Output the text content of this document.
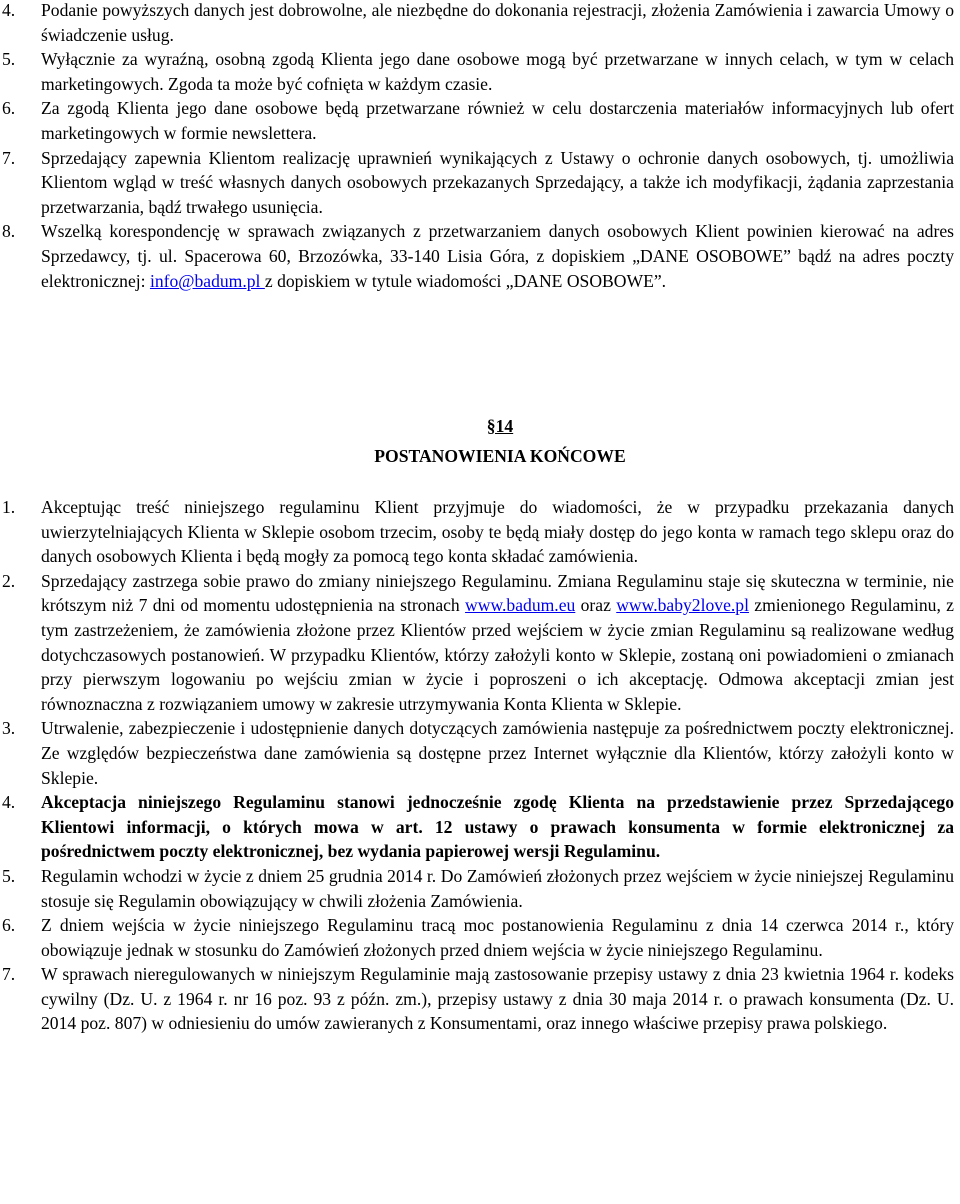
4. Podanie powyższych danych jest dobrowolne, ale niezbędne do dokonania rejestracji, złożenia Zamówienia i zawarcia Umowy o świadczenie usług.
5. Wyłącznie za wyraźną, osobną zgodą Klienta jego dane osobowe mogą być przetwarzane w innych celach, w tym w celach marketingowych. Zgoda ta może być cofnięta w każdym czasie.
6. Za zgodą Klienta jego dane osobowe będą przetwarzane również w celu dostarczenia materiałów informacyjnych lub ofert marketingowych w formie newslettera.
7. Sprzedający zapewnia Klientom realizację uprawnień wynikających z Ustawy o ochronie danych osobowych, tj. umożliwia Klientom wgląd w treść własnych danych osobowych przekazanych Sprzedający, a także ich modyfikacji, żądania zaprzestania przetwarzania, bądź trwałego usunięcia.
8. Wszelką korespondencję w sprawach związanych z przetwarzaniem danych osobowych Klient powinien kierować na adres Sprzedawcy, tj. ul. Spacerowa 60, Brzozówka, 33-140 Lisia Góra, z dopiskiem „DANE OSOBOWE” bądź na adres poczty elektronicznej: info@badum.pl z dopiskiem w tytule wiadomości „DANE OSOBOWE”.
§14
POSTANOWIENIA KOŃCOWE
1. Akceptując treść niniejszego regulaminu Klient przyjmuje do wiadomości, że w przypadku przekazania danych uwierzytelniających Klienta w Sklepie osobom trzecim, osoby te będą miały dostęp do jego konta w ramach tego sklepu oraz do danych osobowych Klienta i będą mogły za pomocą tego konta składać zamówienia.
2. Sprzedający zastrzega sobie prawo do zmiany niniejszego Regulaminu. Zmiana Regulaminu staje się skuteczna w terminie, nie krótszym niż 7 dni od momentu udostępnienia na stronach www.badum.eu oraz www.baby2love.pl zmienionego Regulaminu, z tym zastrzeżeniem, że zamówienia złożone przez Klientów przed wejściem w życie zmian Regulaminu są realizowane według dotychczasowych postanowień. W przypadku Klientów, którzy założyli konto w Sklepie, zostaną oni powiadomieni o zmianach przy pierwszym logowaniu po wejściu zmian w życie i poproszeni o ich akceptację. Odmowa akceptacji zmian jest równoznaczna z rozwiązaniem umowy w zakresie utrzymywania Konta Klienta w Sklepie.
3. Utrwalenie, zabezpieczenie i udostępnienie danych dotyczących zamówienia następuje za pośrednictwem poczty elektronicznej. Ze względów bezpieczeństwa dane zamówienia są dostępne przez Internet wyłącznie dla Klientów, którzy założyli konto w Sklepie.
4. Akceptacja niniejszego Regulaminu stanowi jednocześnie zgodę Klienta na przedstawienie przez Sprzedającego Klientowi informacji, o których mowa w art. 12 ustawy o prawach konsumenta w formie elektronicznej za pośrednictwem poczty elektronicznej, bez wydania papierowej wersji Regulaminu.
5. Regulamin wchodzi w życie z dniem 25 grudnia 2014 r. Do Zamówień złożonych przez wejściem w życie niniejszej Regulaminu stosuje się Regulamin obowiązujący w chwili złożenia Zamówienia.
6. Z dniem wejścia w życie niniejszego Regulaminu tracą moc postanowienia Regulaminu z dnia 14 czerwca 2014 r., który obowiązuje jednak w stosunku do Zamówień złożonych przed dniem wejścia w życie niniejszego Regulaminu.
7. W sprawach nieregulowanych w niniejszym Regulaminie mają zastosowanie przepisy ustawy z dnia 23 kwietnia 1964 r. kodeks cywilny (Dz. U. z 1964 r. nr 16 poz. 93 z późn. zm.), przepisy ustawy z dnia 30 maja 2014 r. o prawach konsumenta (Dz. U. 2014 poz. 807) w odniesieniu do umów zawieranych z Konsumentami, oraz innego właściwe przepisy prawa polskiego.
